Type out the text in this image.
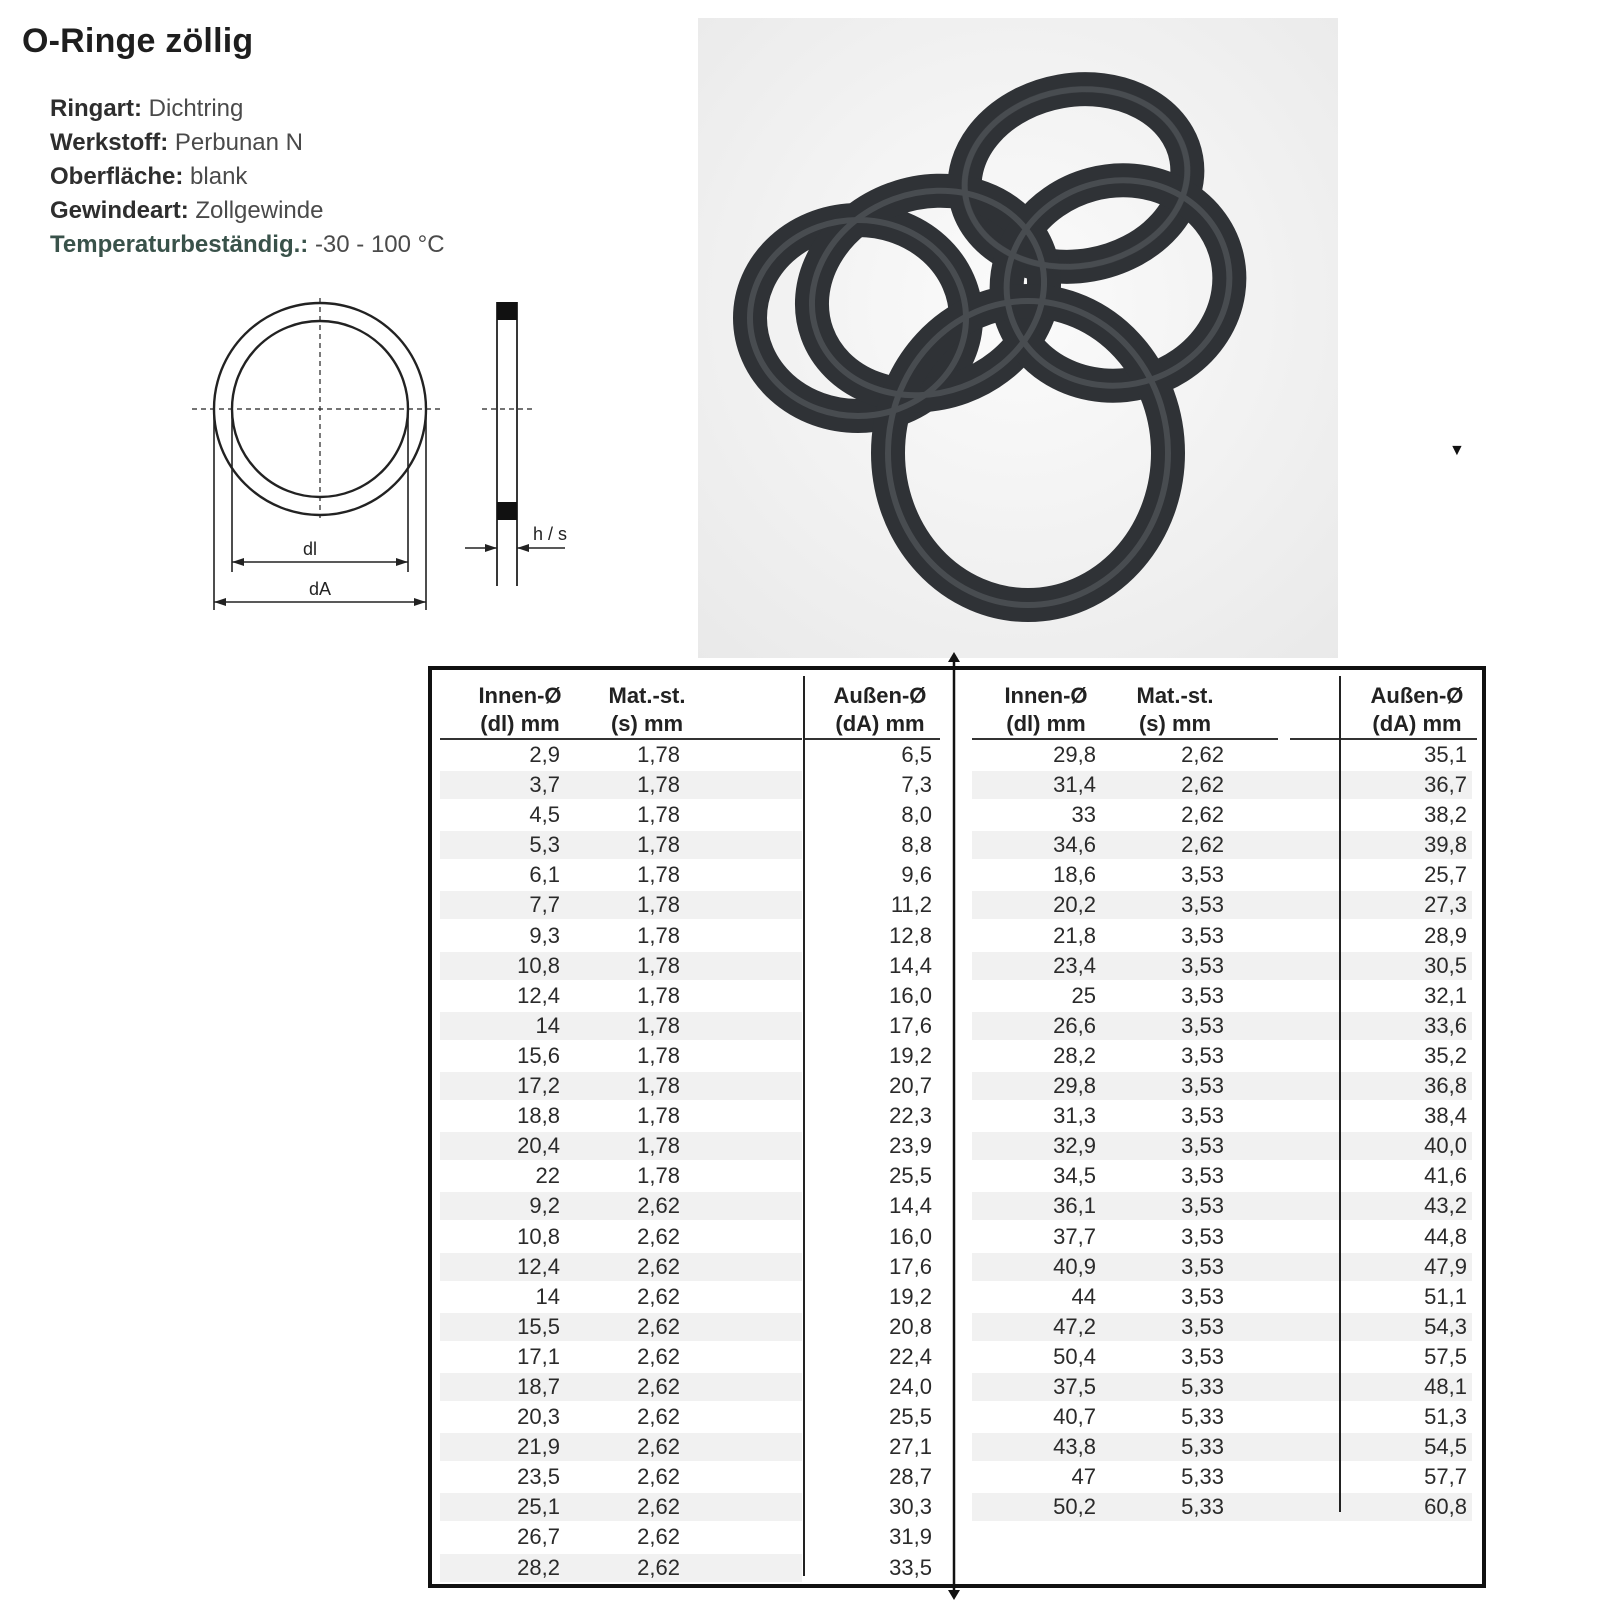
O-Ringe zöllig
Ringart: Dichtring
Werkstoff: Perbunan N
Oberfläche: blank
Gewindeart: Zollgewinde
Temperaturbeständig.: -30 - 100 °C
dl
dA
h / s
▼
Innen-Ø
(dl) mm
Mat.-st.
(s) mm
Außen-Ø
(dA) mm
2,9	1,78	6,5
3,7	1,78	7,3
4,5	1,78	8,0
5,3	1,78	8,8
6,1	1,78	9,6
7,7	1,78	11,2
9,3	1,78	12,8
10,8	1,78	14,4
12,4	1,78	16,0
14	1,78	17,6
15,6	1,78	19,2
17,2	1,78	20,7
18,8	1,78	22,3
20,4	1,78	23,9
22	1,78	25,5
9,2	2,62	14,4
10,8	2,62	16,0
12,4	2,62	17,6
14	2,62	19,2
15,5	2,62	20,8
17,1	2,62	22,4
18,7	2,62	24,0
20,3	2,62	25,5
21,9	2,62	27,1
23,5	2,62	28,7
25,1	2,62	30,3
26,7	2,62	31,9
28,2	2,62	33,5
Innen-Ø
(dl) mm
Mat.-st.
(s) mm
Außen-Ø
(dA) mm
29,8	2,62	35,1
31,4	2,62	36,7
33	2,62	38,2
34,6	2,62	39,8
18,6	3,53	25,7
20,2	3,53	27,3
21,8	3,53	28,9
23,4	3,53	30,5
25	3,53	32,1
26,6	3,53	33,6
28,2	3,53	35,2
29,8	3,53	36,8
31,3	3,53	38,4
32,9	3,53	40,0
34,5	3,53	41,6
36,1	3,53	43,2
37,7	3,53	44,8
40,9	3,53	47,9
44	3,53	51,1
47,2	3,53	54,3
50,4	3,53	57,5
37,5	5,33	48,1
40,7	5,33	51,3
43,8	5,33	54,5
47	5,33	57,7
50,2	5,33	60,8
